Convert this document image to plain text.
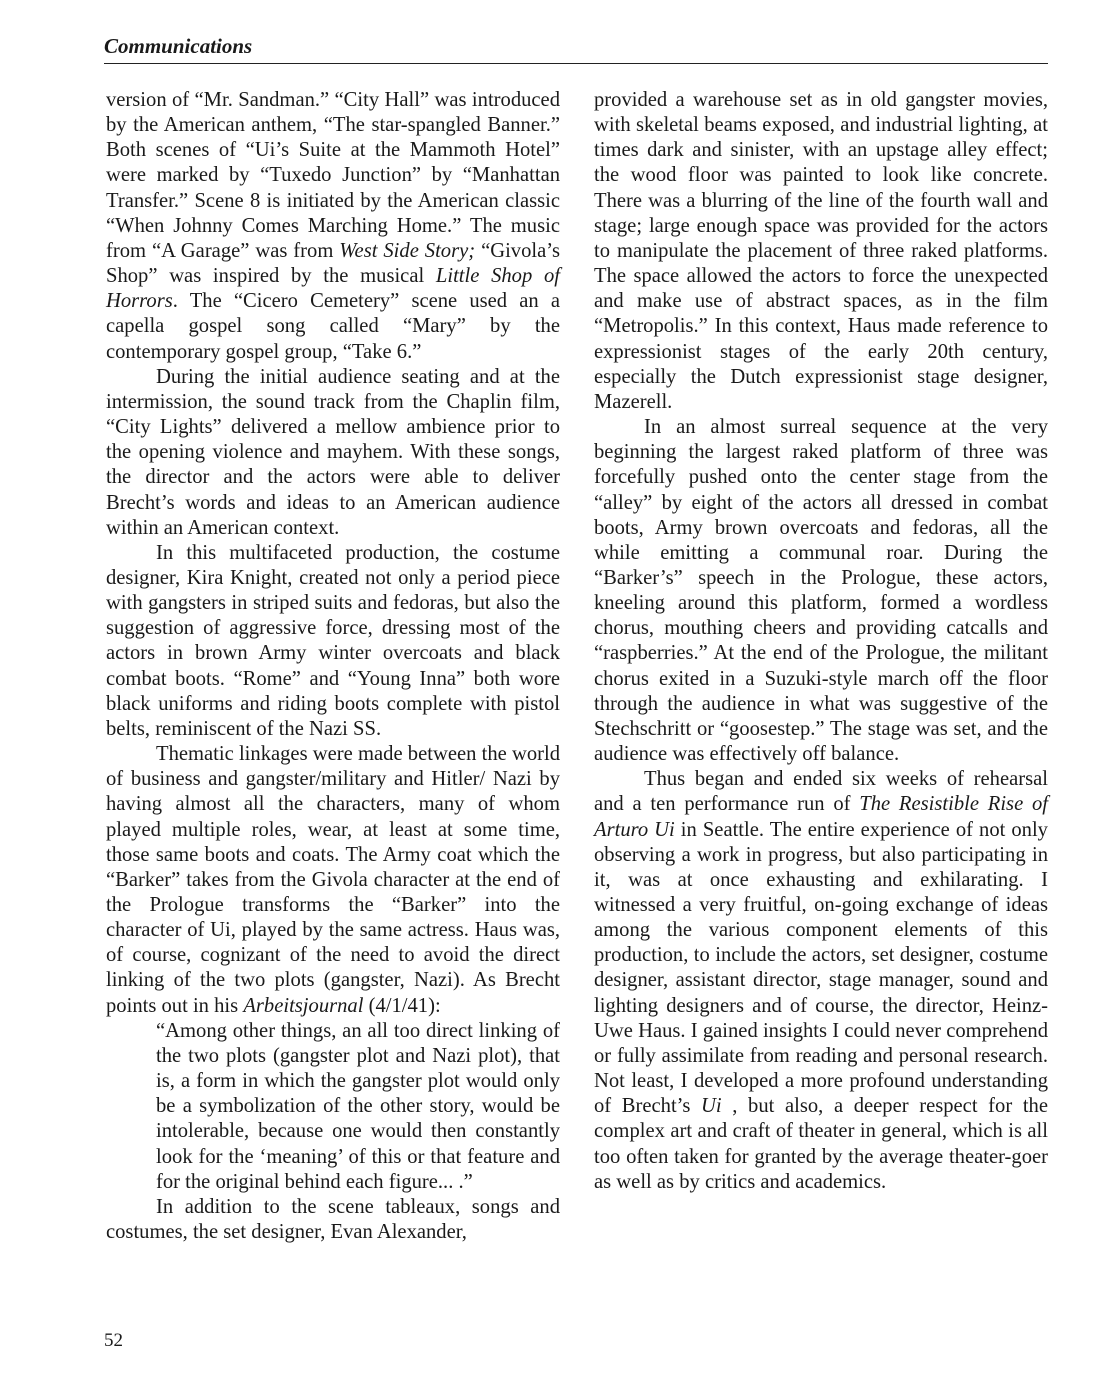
Communications

version of “Mr. Sandman.” “City Hall” was introduced by the American anthem, “The star-spangled Banner.” Both scenes of “Ui’s Suite at the Mammoth Hotel” were marked by “Tuxedo Junction” by “Manhattan Transfer.” Scene 8 is initiated by the American classic “When Johnny Comes Marching Home.” The music from “A Garage” was from West Side Story; “Givola’s Shop” was inspired by the musical Little Shop of Horrors. The “Cicero Cemetery” scene used an a capella gospel song called “Mary” by the contemporary gospel group, “Take 6.”

During the initial audience seating and at the intermission, the sound track from the Chaplin film, “City Lights” delivered a mellow ambience prior to the opening violence and mayhem. With these songs, the director and the actors were able to deliver Brecht’s words and ideas to an American audience within an American context.

In this multifaceted production, the costume designer, Kira Knight, created not only a period piece with gangsters in striped suits and fedoras, but also the suggestion of aggressive force, dressing most of the actors in brown Army winter overcoats and black combat boots. “Rome” and “Young Inna” both wore black uniforms and riding boots complete with pistol belts, reminiscent of the Nazi SS.

Thematic linkages were made between the world of business and gangster/military and Hitler/ Nazi by having almost all the characters, many of whom played multiple roles, wear, at least at some time, those same boots and coats. The Army coat which the “Barker” takes from the Givola character at the end of the Prologue transforms the “Barker” into the character of Ui, played by the same actress. Haus was, of course, cognizant of the need to avoid the direct linking of the two plots (gangster, Nazi). As Brecht points out in his Arbeitsjournal (4/1/41):

“Among other things, an all too direct linking of the two plots (gangster plot and Nazi plot), that is, a form in which the gangster plot would only be a symbolization of the other story, would be intolerable, because one would then constantly look for the ‘meaning’ of this or that feature and for the original behind each figure... .”

In addition to the scene tableaux, songs and costumes, the set designer, Evan Alexander,

provided a warehouse set as in old gangster movies, with skeletal beams exposed, and industrial lighting, at times dark and sinister, with an upstage alley effect; the wood floor was painted to look like concrete. There was a blurring of the line of the fourth wall and stage; large enough space was provided for the actors to manipulate the placement of three raked platforms. The space allowed the actors to force the unexpected and make use of abstract spaces, as in the film “Metropolis.” In this context, Haus made reference to expressionist stages of the early 20th century, especially the Dutch expressionist stage designer, Mazerell.

In an almost surreal sequence at the very beginning the largest raked platform of three was forcefully pushed onto the center stage from the “alley” by eight of the actors all dressed in combat boots, Army brown overcoats and fedoras, all the while emitting a communal roar. During the “Barker’s” speech in the Prologue, these actors, kneeling around this platform, formed a wordless chorus, mouthing cheers and providing catcalls and “raspberries.” At the end of the Prologue, the militant chorus exited in a Suzuki-style march off the floor through the audience in what was suggestive of the Stechschritt or “goosestep.” The stage was set, and the audience was effectively off balance.

Thus began and ended six weeks of rehearsal and a ten performance run of The Resistible Rise of Arturo Ui in Seattle. The entire experience of not only observing a work in progress, but also participating in it, was at once exhausting and exhilarating. I witnessed a very fruitful, on-going exchange of ideas among the various component elements of this production, to include the actors, set designer, costume designer, assistant director, stage manager, sound and lighting designers and of course, the director, Heinz-Uwe Haus. I gained insights I could never comprehend or fully assimilate from reading and personal research. Not least, I developed a more profound understanding of Brecht’s Ui , but also, a deeper respect for the complex art and craft of theater in general, which is all too often taken for granted by the average theater-goer as well as by critics and academics.

52
